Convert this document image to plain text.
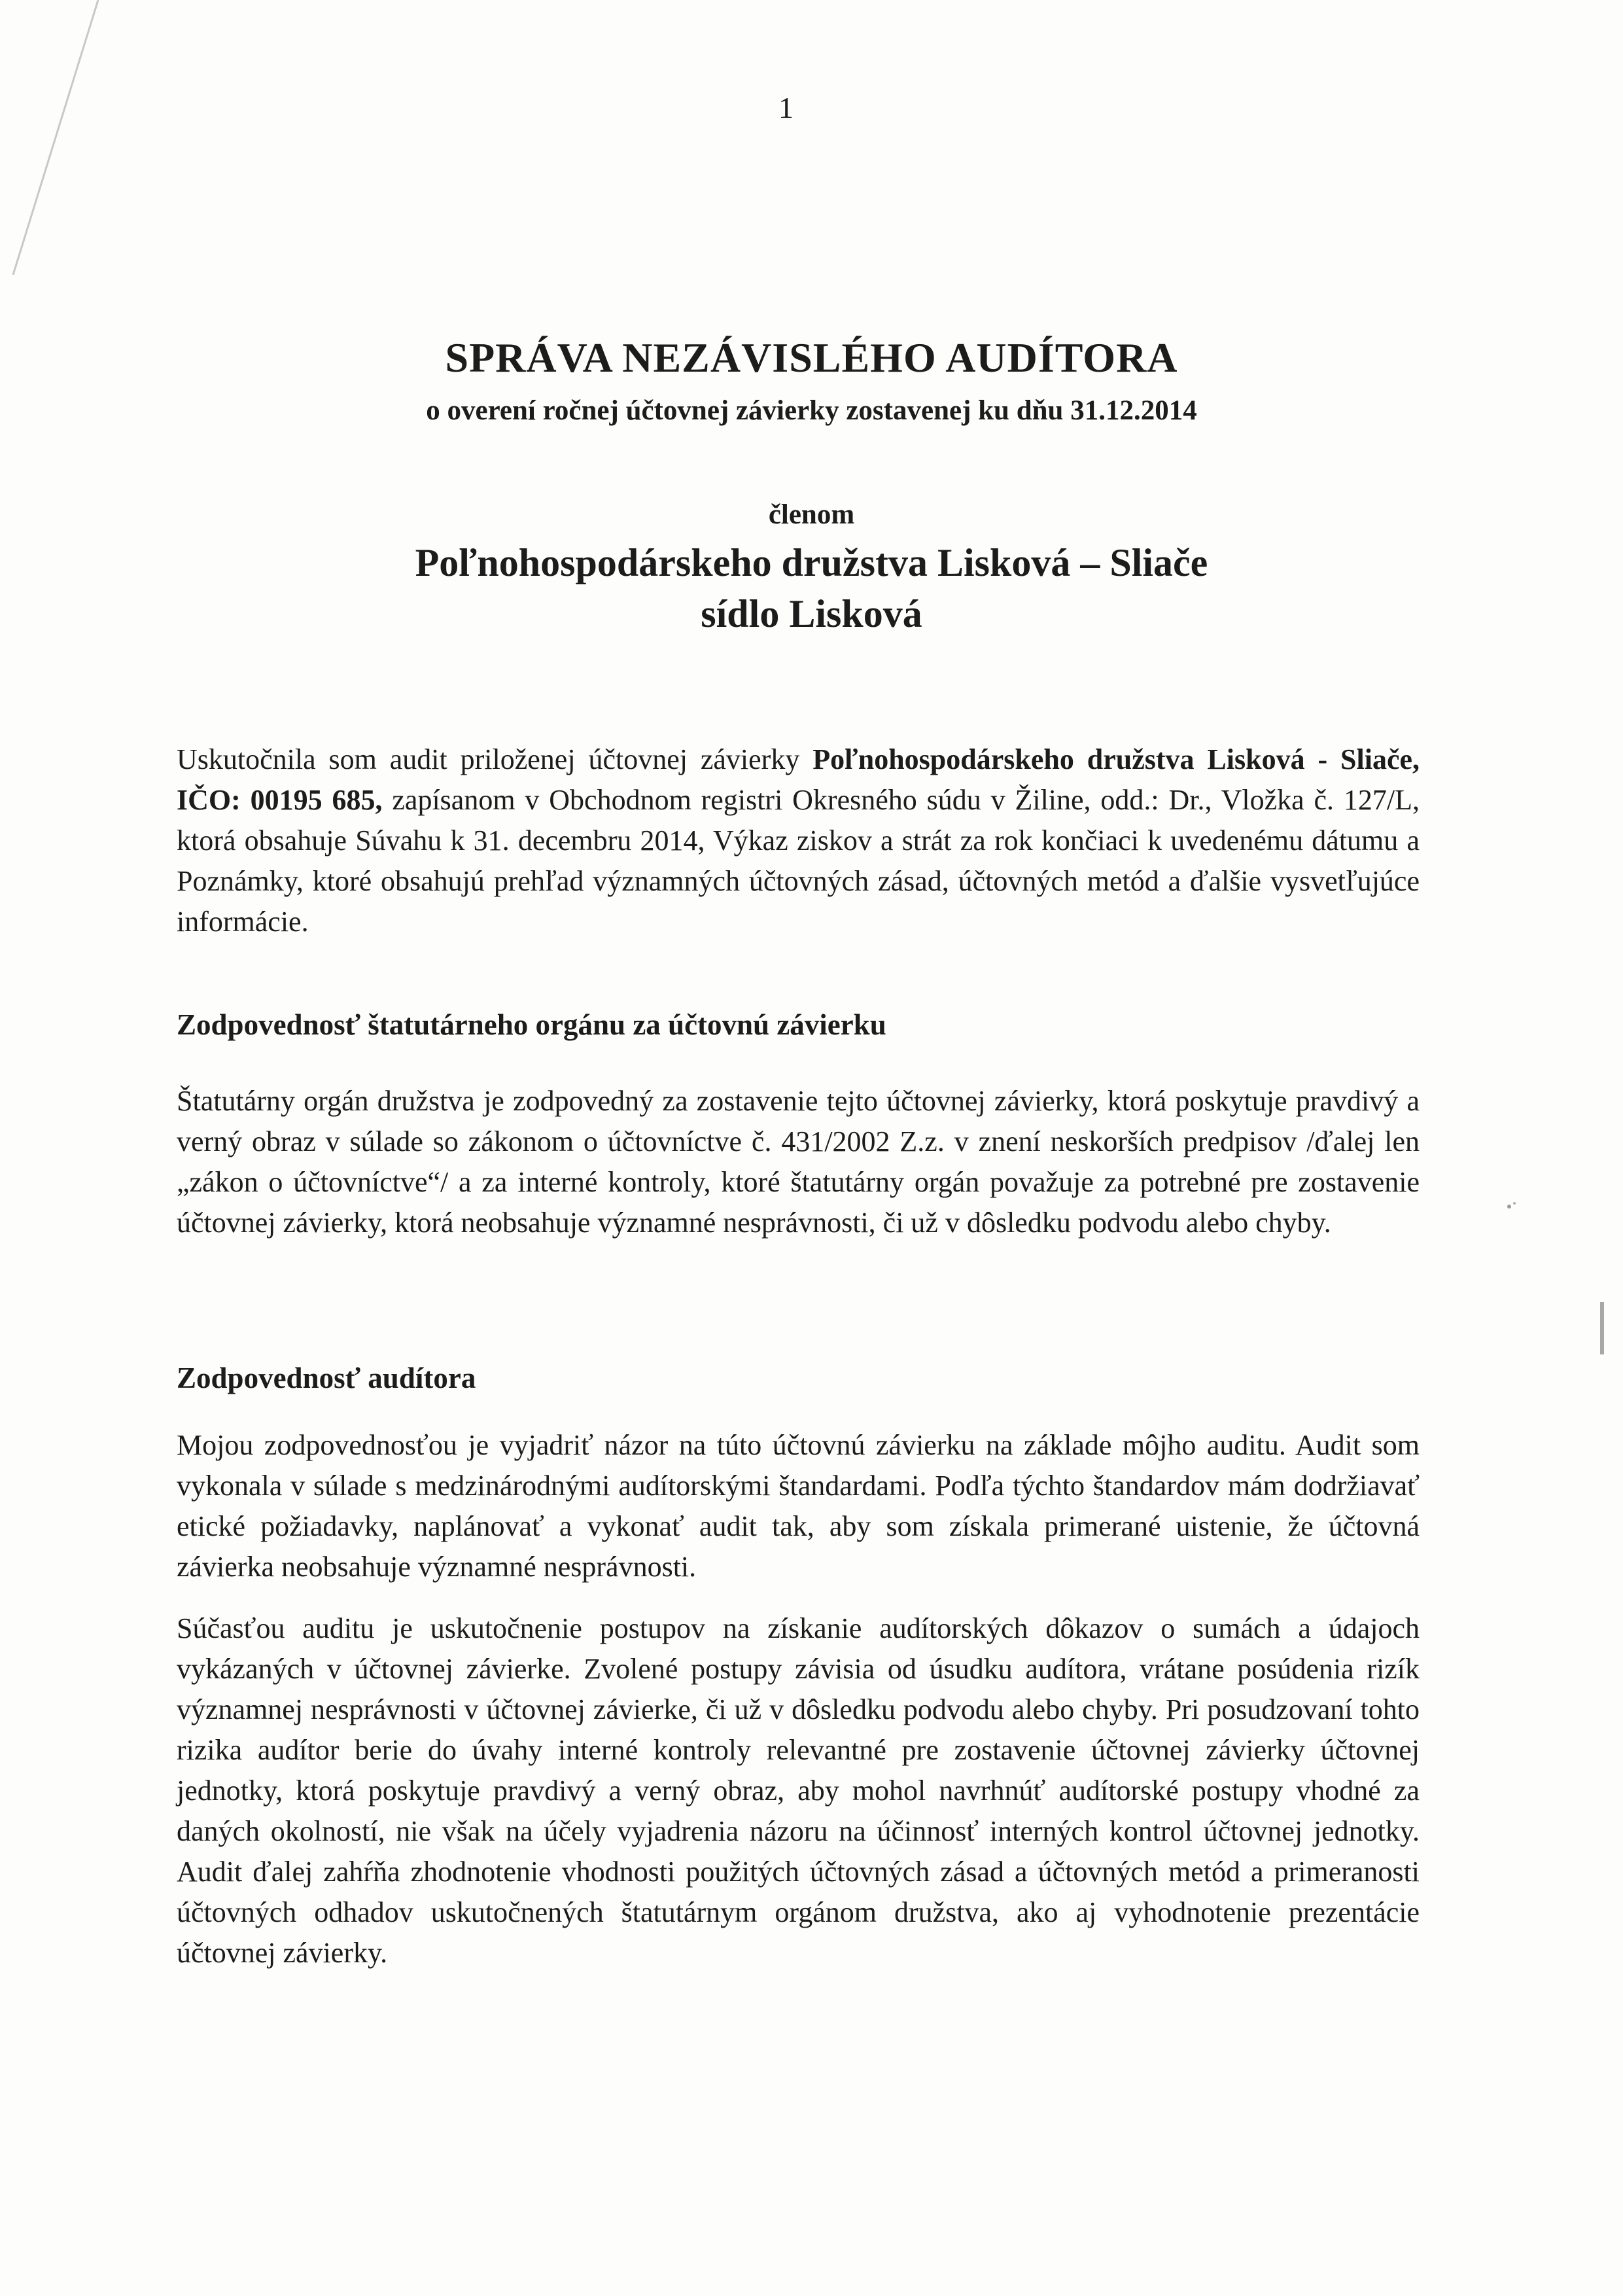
1
SPRÁVA NEZÁVISLÉHO AUDÍTORA
o overení ročnej účtovnej závierky zostavenej ku dňu 31.12.2014
členom
Poľnohospodárskeho družstva Lisková – Sliače
sídlo Lisková
Uskutočnila som audit priloženej účtovnej závierky Poľnohospodárskeho družstva Lisková - Sliače, IČO: 00195 685, zapísanom v Obchodnom registri Okresného súdu v Žiline, odd.: Dr., Vložka č. 127/L, ktorá obsahuje Súvahu k 31. decembru 2014, Výkaz ziskov a strát za rok končiaci k uvedenému dátumu a Poznámky, ktoré obsahujú prehľad významných účtovných zásad, účtovných metód a ďalšie vysvetľujúce informácie.
Zodpovednosť štatutárneho orgánu za účtovnú závierku
Štatutárny orgán družstva je zodpovedný za zostavenie tejto účtovnej závierky, ktorá poskytuje pravdivý a verný obraz v súlade so zákonom o účtovníctve č. 431/2002 Z.z. v znení neskorších predpisov /ďalej len „zákon o účtovníctve“/ a za interné kontroly, ktoré štatutárny orgán považuje za potrebné pre zostavenie účtovnej závierky, ktorá neobsahuje významné nesprávnosti, či už v dôsledku podvodu alebo chyby.
Zodpovednosť audítora
Mojou zodpovednosťou je vyjadriť názor na túto účtovnú závierku na základe môjho auditu. Audit som vykonala v súlade s medzinárodnými audítorskými štandardami. Podľa týchto štandardov mám dodržiavať etické požiadavky, naplánovať a vykonať audit tak, aby som získala primerané uistenie, že účtovná závierka neobsahuje významné nesprávnosti.
Súčasťou auditu je uskutočnenie postupov na získanie audítorských dôkazov o sumách a údajoch vykázaných v účtovnej závierke. Zvolené postupy závisia od úsudku audítora, vrátane posúdenia rizík významnej nesprávnosti v účtovnej závierke, či už v dôsledku podvodu alebo chyby. Pri posudzovaní tohto rizika audítor berie do úvahy interné kontroly relevantné pre zostavenie účtovnej závierky účtovnej jednotky, ktorá poskytuje pravdivý a verný obraz, aby mohol navrhnúť audítorské postupy vhodné za daných okolností, nie však na účely vyjadrenia názoru na účinnosť interných kontrol účtovnej jednotky. Audit ďalej zahŕňa zhodnotenie vhodnosti použitých účtovných zásad a účtovných metód a primeranosti účtovných odhadov uskutočnených štatutárnym orgánom družstva, ako aj vyhodnotenie prezentácie účtovnej závierky.
